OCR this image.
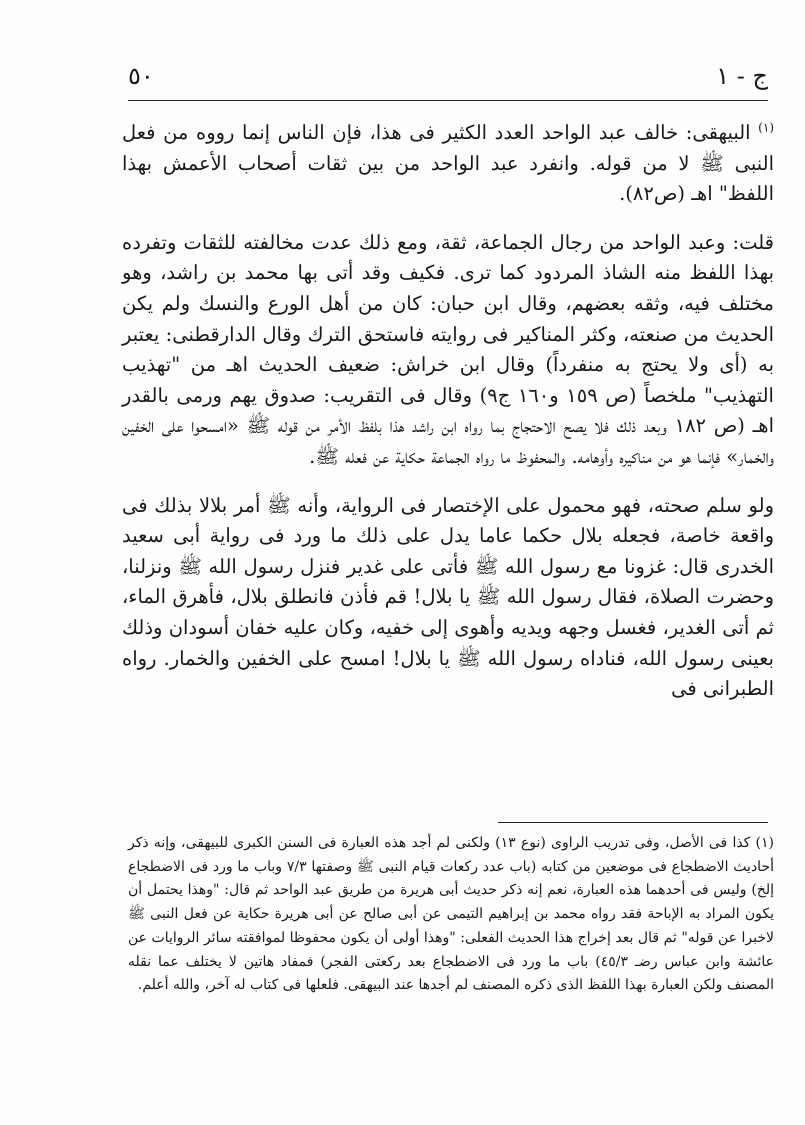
ج - ١
٥٠

$^{(١)}$ البيهقى: خالف عبد الواحد العدد الكثير فى هذا، فإن الناس إنما رووه من فعل النبى ﷺ لا من قوله. وانفرد عبد الواحد من بين ثقات أصحاب الأعمش بهذا اللفظ" اهـ (ص٨٢).

قلت: وعبد الواحد من رجال الجماعة، ثقة، ومع ذلك عدت مخالفته للثقات وتفرده بهذا اللفظ منه الشاذ المردود كما ترى. فكيف وقد أتى بها محمد بن راشد، وهو مختلف فيه، وثقه بعضهم، وقال ابن حبان: كان من أهل الورع والنسك ولم يكن الحديث من صنعته، وكثر المناكير فى روايته فاستحق الترك وقال الدارقطنى: يعتبر به (أى ولا يحتج به منفرداً) وقال ابن خراش: ضعيف الحديث اهـ من "تهذيب التهذيب" ملخصاً (ص ١٥٩ و١٦٠ ج٩) وقال فى التقريب: صدوق يهم ورمى بالقدر اهـ (ص ١٨٢ وبعد ذلك فلا يصح الاحتجاج بما رواه ابن راشد هذا بلفظ الأمر من قوله ﷺ «امسحوا على الخفين والخمار» فإنما هو من مناكيره وأوهامه. والمحفوظ ما رواه الجماعة حكاية عن فعله ﷺ.

ولو سلم صحته، فهو محمول على الإختصار فى الرواية، وأنه ﷺ أمر بلالا بذلك فى واقعة خاصة، فجعله بلال حكما عاما يدل على ذلك ما ورد فى رواية أبى سعيد الخدرى قال: غزونا مع رسول الله ﷺ فأتى على غدير فنزل رسول الله ﷺ ونزلنا، وحضرت الصلاة، فقال رسول الله ﷺ يا بلال! قم فأذن فانطلق بلال، فأهرق الماء، ثم أتى الغدير، فغسل وجهه ويديه وأهوى إلى خفيه، وكان عليه خفان أسودان وذلك بعينى رسول الله، فناداه رسول الله ﷺ يا بلال! امسح على الخفين والخمار. رواه الطبرانى فى

(١) كذا فى الأصل، وفى تدريب الراوى (نوع ١٣) ولكنى لم أجد هذه العبارة فى السنن الكبرى للبيهقى، وإنه ذكر أحاديث الاضطجاع فى موضعين من كتابه (باب عدد ركعات قيام النبى ﷺ وصفتها ٧/٣ وباب ما ورد فى الاضطجاع إلخ) وليس فى أحدهما هذه العبارة، نعم إنه ذكر حديث أبى هريرة من طريق عبد الواحد ثم قال: "وهذا يحتمل أن يكون المراد به الإباحة فقد رواه محمد بن إبراهيم التيمى عن أبى صالح عن أبى هريرة حكاية عن فعل النبى ﷺ لاخبرا عن قوله" ثم قال بعد إخراج هذا الحديث الفعلى: "وهذا أولى أن يكون محفوظا لموافقته سائر الروايات عن عائشة وابن عباس رضـ ٤٥/٣) باب ما ورد فى الاضطجاع بعد ركعتى الفجر) فمفاد هاتين لا يختلف عما نقله المصنف ولكن العبارة بهذا اللفظ الذى ذكره المصنف لم أجدها عند البيهقى. فلعلها فى كتاب له آخر، والله أعلم.
